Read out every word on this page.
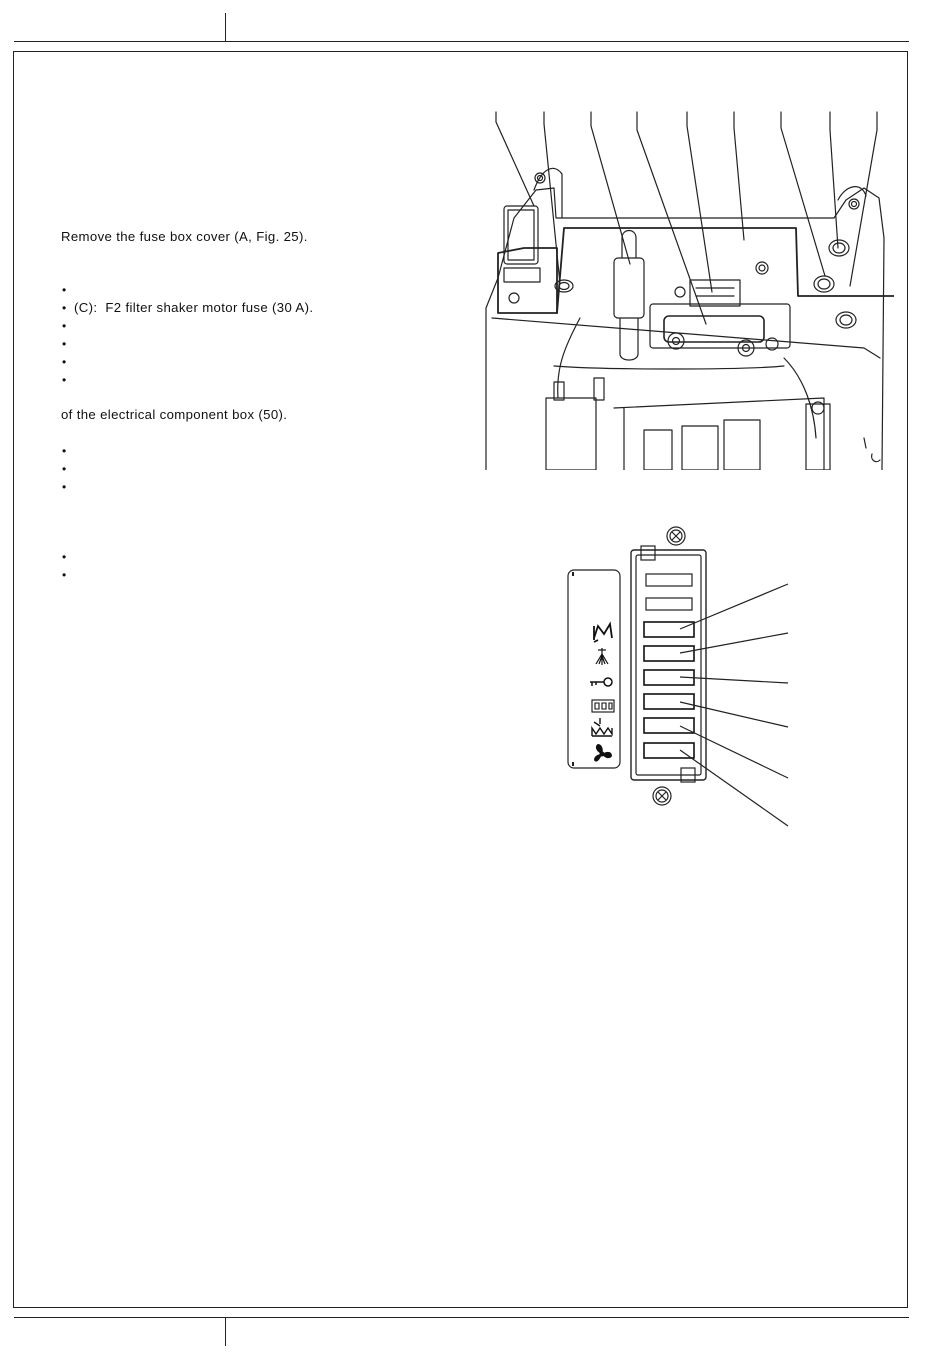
Remove the fuse box cover (A, Fig. 25).
•
• (C):  F2 filter shaker motor fuse (30 A).
•
•
•
•
of the electrical component box (50).
•
•
•
•
•
